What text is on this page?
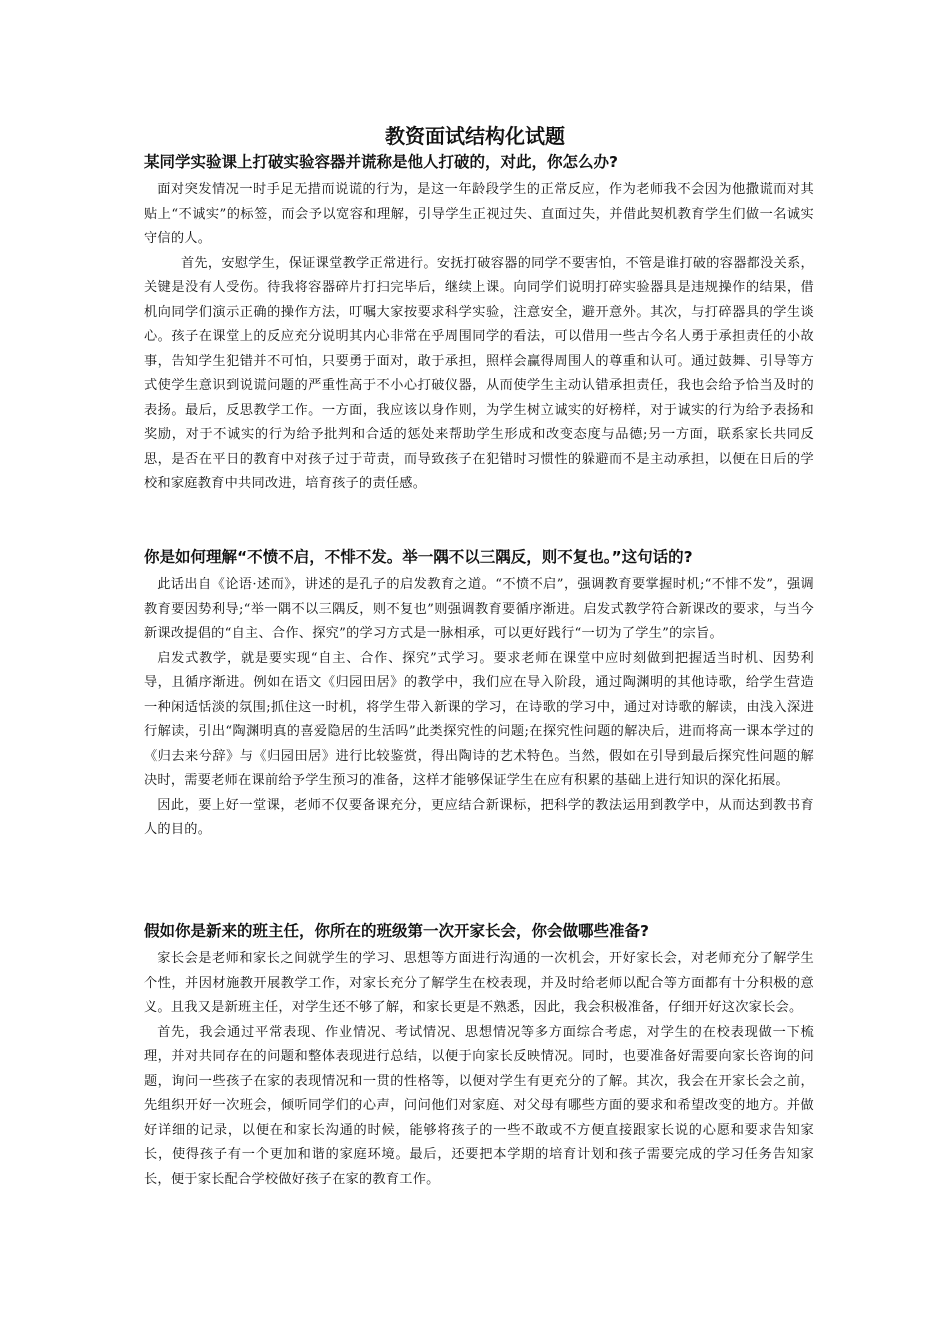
教资面试结构化试题
某同学实验课上打破实验容器并谎称是他人打破的，对此，你怎么办?

面对突发情况一时手足无措而说谎的行为，是这一年龄段学生的正常反应，作为老师我不会因为他撒谎而对其贴上“不诚实”的标签，而会予以宽容和理解，引导学生正视过失、直面过失，并借此契机教育学生们做一名诚实守信的人。

首先，安慰学生，保证课堂教学正常进行。安抚打破容器的同学不要害怕，不管是谁打破的容器都没关系，关键是没有人受伤。待我将容器碎片打扫完毕后，继续上课。向同学们说明打碎实验器具是违规操作的结果，借机向同学们演示正确的操作方法，叮嘱大家按要求科学实验，注意安全，避开意外。其次，与打碎器具的学生谈心。孩子在课堂上的反应充分说明其内心非常在乎周围同学的看法，可以借用一些古今名人勇于承担责任的小故事，告知学生犯错并不可怕，只要勇于面对，敢于承担，照样会赢得周围人的尊重和认可。通过鼓舞、引导等方式使学生意识到说谎问题的严重性高于不小心打破仪器，从而使学生主动认错承担责任，我也会给予恰当及时的表扬。最后，反思教学工作。一方面，我应该以身作则，为学生树立诚实的好榜样，对于诚实的行为给予表扬和奖励，对于不诚实的行为给予批判和合适的惩处来帮助学生形成和改变态度与品德;另一方面，联系家长共同反思，是否在平日的教育中对孩子过于苛责，而导致孩子在犯错时习惯性的躲避而不是主动承担，以便在日后的学校和家庭教育中共同改进，培育孩子的责任感。

你是如何理解“不愤不启，不悱不发。举一隅不以三隅反，则不复也。”这句话的?

此话出自《论语·述而》，讲述的是孔子的启发教育之道。“不愤不启”，强调教育要掌握时机;“不悱不发”，强调教育要因势利导;“举一隅不以三隅反，则不复也”则强调教育要循序渐进。启发式教学符合新课改的要求，与当今新课改提倡的“自主、合作、探究”的学习方式是一脉相承，可以更好践行“一切为了学生”的宗旨。

启发式教学，就是要实现“自主、合作、探究”式学习。要求老师在课堂中应时刻做到把握适当时机、因势利导，且循序渐进。例如在语文《归园田居》的教学中，我们应在导入阶段，通过陶渊明的其他诗歌，给学生营造一种闲适恬淡的氛围;抓住这一时机，将学生带入新课的学习，在诗歌的学习中，通过对诗歌的解读，由浅入深进行解读，引出“陶渊明真的喜爱隐居的生活吗”此类探究性的问题;在探究性问题的解决后，进而将高一课本学过的《归去来兮辞》与《归园田居》进行比较鉴赏，得出陶诗的艺术特色。当然，假如在引导到最后探究性问题的解决时，需要老师在课前给予学生预习的准备，这样才能够保证学生在应有积累的基础上进行知识的深化拓展。

因此，要上好一堂课，老师不仅要备课充分，更应结合新课标，把科学的教法运用到教学中，从而达到教书育人的目的。

假如你是新来的班主任，你所在的班级第一次开家长会，你会做哪些准备?

家长会是老师和家长之间就学生的学习、思想等方面进行沟通的一次机会，开好家长会，对老师充分了解学生个性，并因材施教开展教学工作，对家长充分了解学生在校表现，并及时给老师以配合等方面都有十分积极的意义。且我又是新班主任，对学生还不够了解，和家长更是不熟悉，因此，我会积极准备，仔细开好这次家长会。

首先，我会通过平常表现、作业情况、考试情况、思想情况等多方面综合考虑，对学生的在校表现做一下梳理，并对共同存在的问题和整体表现进行总结，以便于向家长反映情况。同时，也要准备好需要向家长咨询的问题，询问一些孩子在家的表现情况和一贯的性格等，以便对学生有更充分的了解。其次，我会在开家长会之前，先组织开好一次班会，倾听同学们的心声，问问他们对家庭、对父母有哪些方面的要求和希望改变的地方。并做好详细的记录，以便在和家长沟通的时候，能够将孩子的一些不敢或不方便直接跟家长说的心愿和要求告知家长，使得孩子有一个更加和谐的家庭环境。最后，还要把本学期的培育计划和孩子需要完成的学习任务告知家长，便于家长配合学校做好孩子在家的教育工作。
